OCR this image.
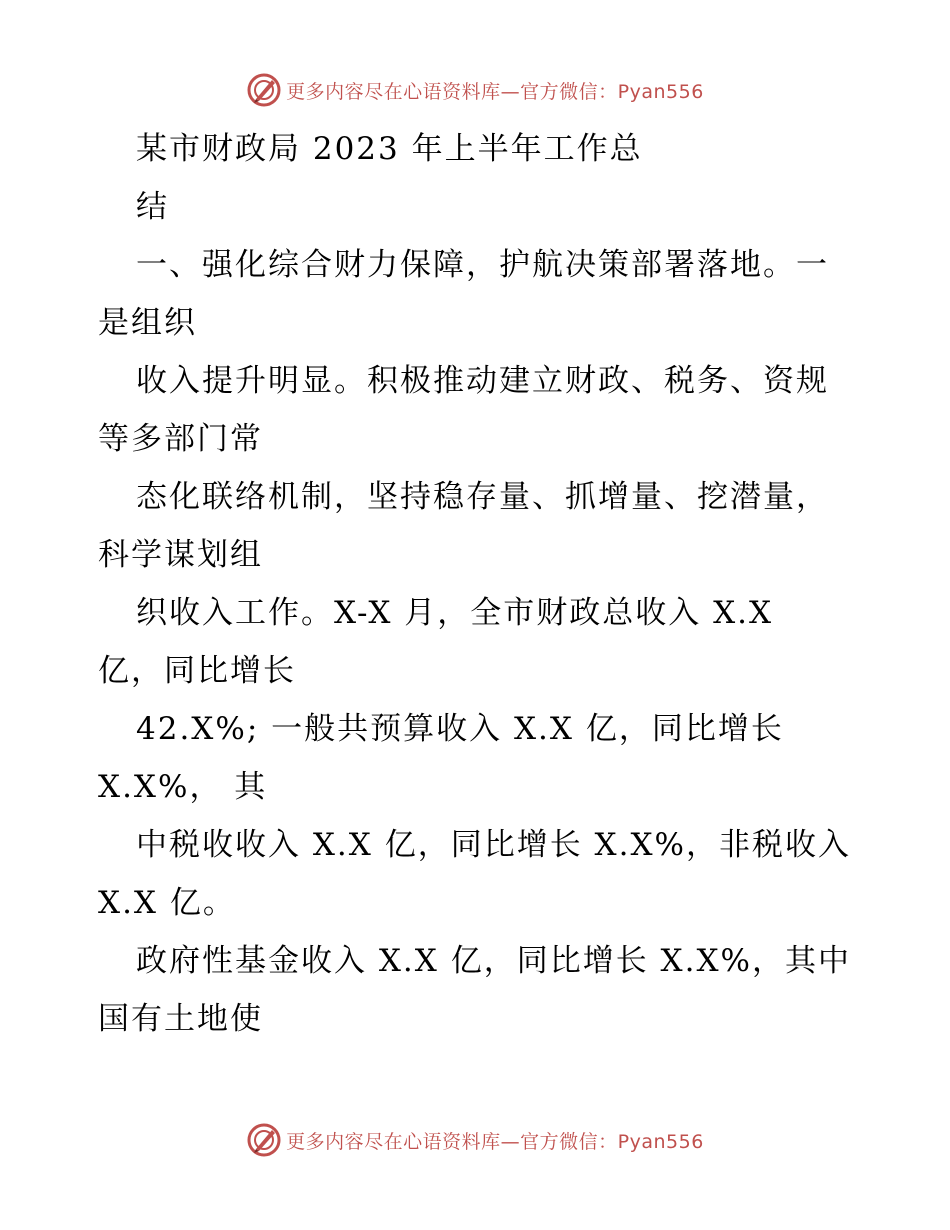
更多内容尽在心语资料库—官方微信：Pyan556
某市财政局 2023 年上半年工作总
结
一、强化综合财力保障，护航决策部署落地。一
是组织
收入提升明显。积极推动建立财政、税务、资规
等多部门常
态化联络机制，坚持稳存量、抓增量、挖潜量，
科学谋划组
织收入工作。X-X 月，全市财政总收入 X.X
亿，同比增长
42.X%; 一般共预算收入 X.X 亿，同比增长
X.X%， 其
中税收收入 X.X 亿，同比增长 X.X%，非税收入
X.X 亿。
政府性基金收入 X.X 亿，同比增长 X.X%，其中
国有土地使
更多内容尽在心语资料库—官方微信：Pyan556
